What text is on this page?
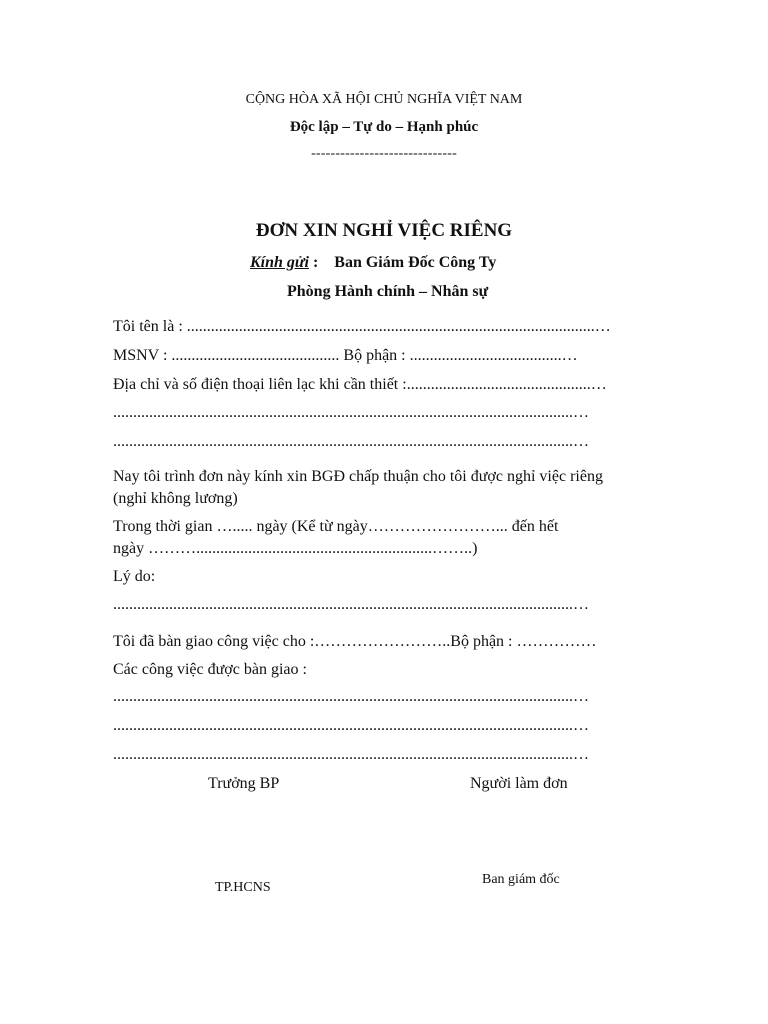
CỘNG HÒA XÃ HỘI CHỦ NGHĨA VIỆT NAM
Độc lập – Tự do – Hạnh phúc
------------------------------
ĐƠN XIN NGHỈ VIỆC RIÊNG
Kính gửi : Ban Giám Đốc Công Ty
Phòng Hành chính – Nhân sự
Tôi tên là : ......................................................................................................…
MSNV : .......................................... Bộ phận : ......................................…
Địa chỉ và số điện thoại liên lạc khi cần thiết :..............................................…
...................................................................................................................…
...................................................................................................................…
Nay tôi trình đơn này kính xin BGĐ chấp thuận cho tôi được nghỉ việc riêng
(nghỉ không lương)
Trong thời gian …..... ngày (Kể từ ngày……………………... đến hết
ngày ………...........................................................……..)
Lý do:
...................................................................................................................…
Tôi đã bàn giao công việc cho :……………………..Bộ phận : ……………
Các công việc được bàn giao :
...................................................................................................................…
...................................................................................................................…
...................................................................................................................…
Trưởng BP	Người làm đơn
TP.HCNS
Ban giám đốc
